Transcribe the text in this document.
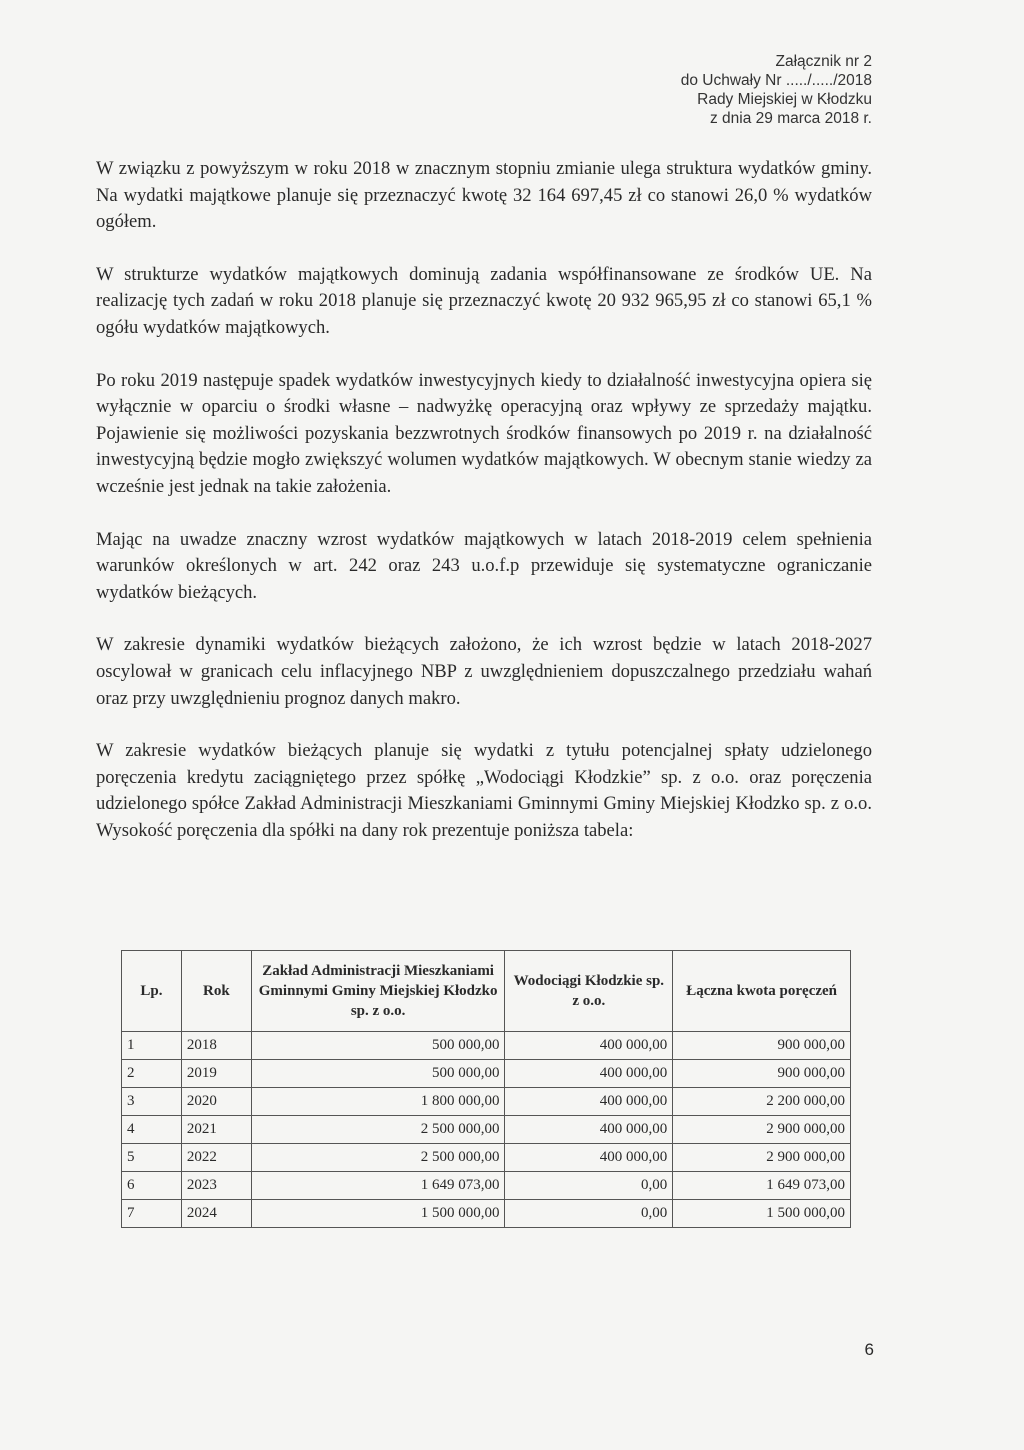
Załącznik nr 2
do Uchwały Nr ...../...../2018
Rady Miejskiej w Kłodzku
z dnia 29 marca 2018 r.

W związku z powyższym w roku 2018 w znacznym stopniu zmianie ulega struktura wydatków gminy. Na wydatki majątkowe planuje się przeznaczyć kwotę 32 164 697,45 zł co stanowi 26,0 % wydatków ogółem.

W strukturze wydatków majątkowych dominują zadania współfinansowane ze środków UE. Na realizację tych zadań w roku 2018 planuje się przeznaczyć kwotę 20 932 965,95 zł co stanowi 65,1 % ogółu wydatków majątkowych.

Po roku 2019 następuje spadek wydatków inwestycyjnych kiedy to działalność inwestycyjna opiera się wyłącznie w oparciu o środki własne – nadwyżkę operacyjną oraz wpływy ze sprzedaży majątku. Pojawienie się możliwości pozyskania bezzwrotnych środków finansowych po 2019 r. na działalność inwestycyjną będzie mogło zwiększyć wolumen wydatków majątkowych. W obecnym stanie wiedzy za wcześnie jest jednak na takie założenia.

Mając na uwadze znaczny wzrost wydatków majątkowych w latach 2018-2019 celem spełnienia warunków określonych w art. 242 oraz 243 u.o.f.p przewiduje się systematyczne ograniczanie wydatków bieżących.

W zakresie dynamiki wydatków bieżących założono, że ich wzrost będzie w latach 2018-2027 oscylował w granicach celu inflacyjnego NBP z uwzględnieniem dopuszczalnego przedziału wahań oraz przy uwzględnieniu prognoz danych makro.

W zakresie wydatków bieżących planuje się wydatki z tytułu potencjalnej spłaty udzielonego poręczenia kredytu zaciągniętego przez spółkę „Wodociągi Kłodzkie” sp. z o.o. oraz poręczenia udzielonego spółce Zakład Administracji Mieszkaniami Gminnymi Gminy Miejskiej Kłodzko sp. z o.o. Wysokość poręczenia dla spółki na dany rok prezentuje poniższa tabela:

Lp.	Rok	Zakład Administracji Mieszkaniami Gminnymi Gminy Miejskiej Kłodzko sp. z o.o.	Wodociągi Kłodzkie sp. z o.o.	Łączna kwota poręczeń
1	2018	500 000,00	400 000,00	900 000,00
2	2019	500 000,00	400 000,00	900 000,00
3	2020	1 800 000,00	400 000,00	2 200 000,00
4	2021	2 500 000,00	400 000,00	2 900 000,00
5	2022	2 500 000,00	400 000,00	2 900 000,00
6	2023	1 649 073,00	0,00	1 649 073,00
7	2024	1 500 000,00	0,00	1 500 000,00
6
